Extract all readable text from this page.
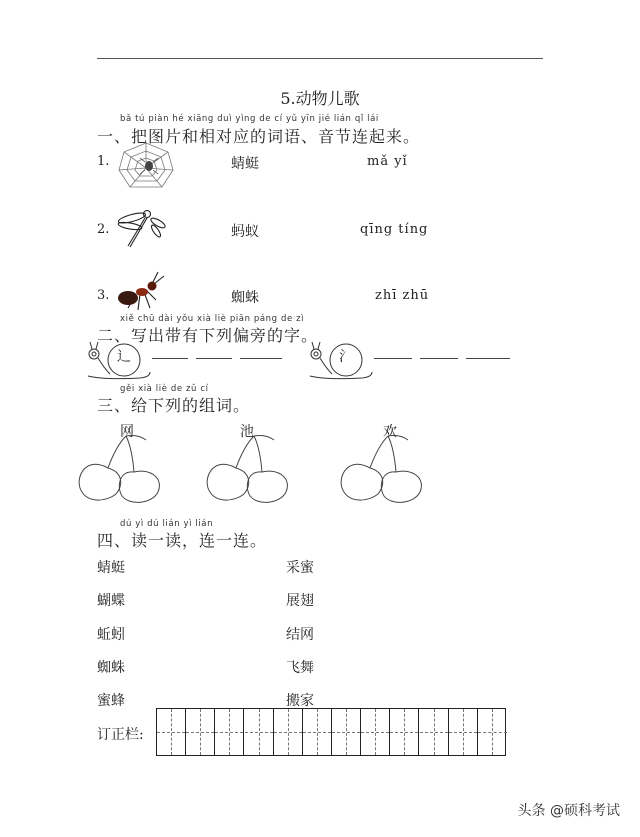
5.动物儿歌
bǎ tú piàn hé xiāng duì yìng de cí yǔ yīn jié lián qǐ lái
一、把图片和相对应的词语、音节连起来。
1.	蜻蜓	mǎ yǐ
2.	蚂蚁	qīng tíng
3.	蜘蛛	zhī zhū
xiě chū dài yǒu xià liè piān páng de zì
二、写出带有下列偏旁的字。
辶	氵
gěi xià liè de zǔ cí
三、给下列的组词。
网	池	欢
dú yì dú lián yì lián
四、读一读，连一连。
蜻蜓
蝴蝶
蚯蚓
蜘蛛
蜜蜂
采蜜
展翅
结网
飞舞
搬家
订正栏:
头条 @硕科考试
